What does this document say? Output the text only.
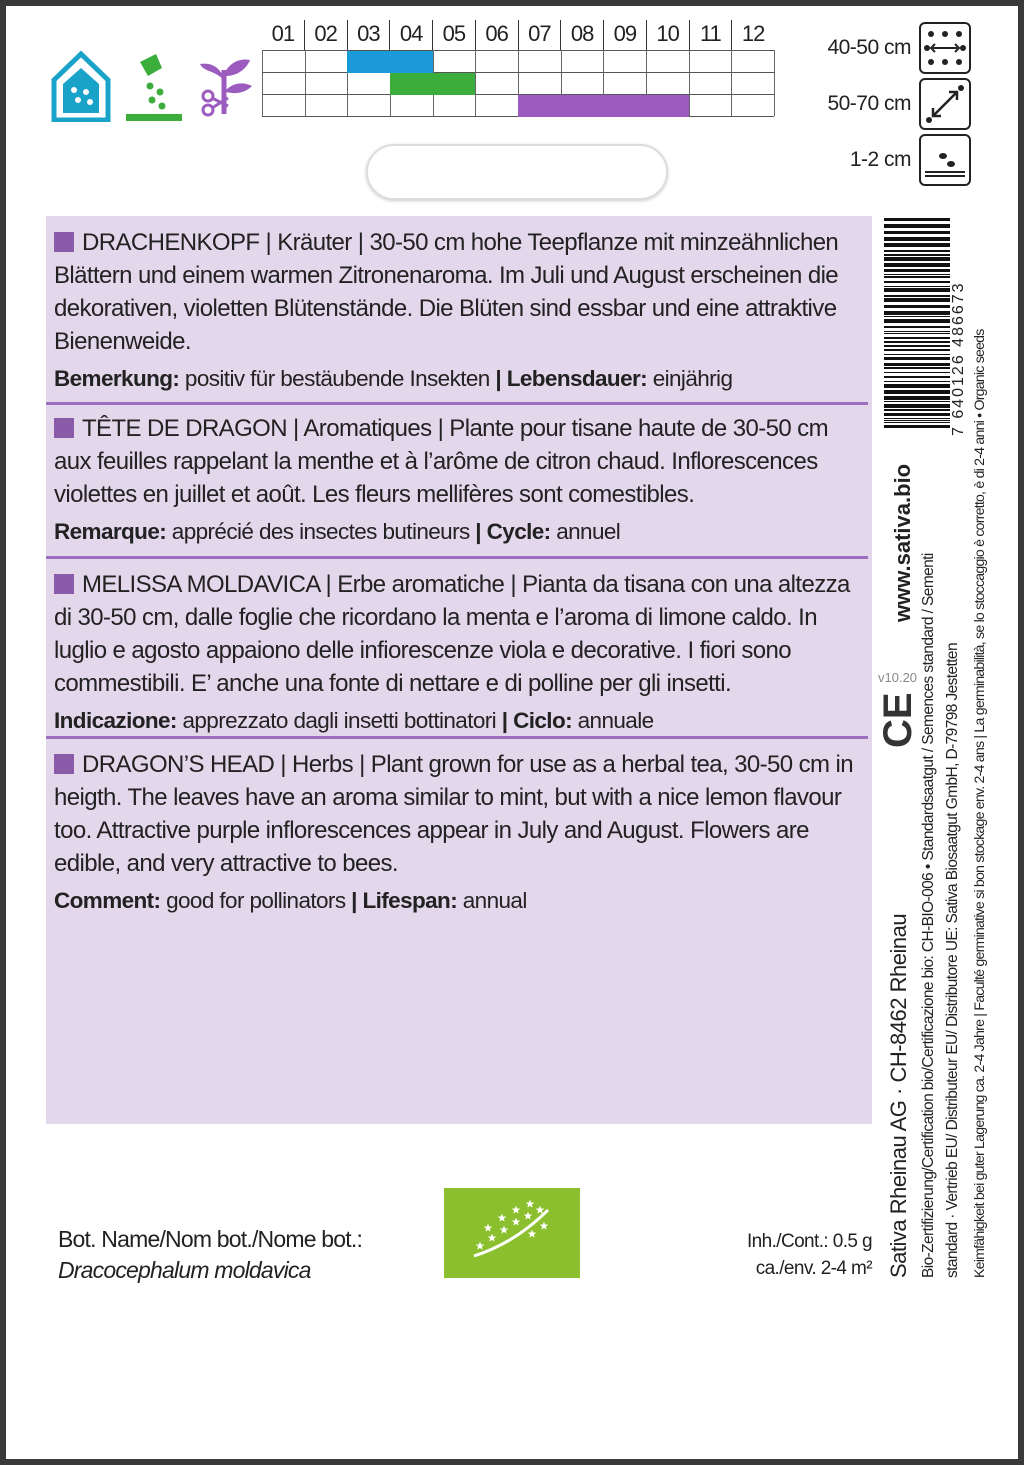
01 02 03 04 05 06 07 08 09 10 11 12
40-50 cm
50-70 cm
1-2 cm

DRACHENKOPF | Kräuter | 30-50 cm hohe Teepflanze mit minzeähnlichen Blättern und einem warmen Zitronenaroma. Im Juli und August erscheinen die dekorativen, violetten Blütenstände. Die Blüten sind essbar und eine attraktive Bienenweide.

Bemerkung: positiv für bestäubende Insekten | Lebensdauer: einjährig

TÊTE DE DRAGON | Aromatiques | Plante pour tisane haute de 30-50 cm aux feuilles rappelant la menthe et à l’arôme de citron chaud. Inflorescences violettes en juillet et août. Les fleurs mellifères sont comestibles.

Remarque: apprécié des insectes butineurs | Cycle: annuel

MELISSA MOLDAVICA | Erbe aromatiche | Pianta da tisana con una altezza di 30-50 cm, dalle foglie che ricordano la menta e l’aroma di limone caldo. In luglio e agosto appaiono delle infiorescenze viola e decorative. I fiori sono commestibili. E’ anche una fonte di nettare e di polline per gli insetti.

Indicazione: apprezzato dagli insetti bottinatori | Ciclo: annuale

DRAGON’S HEAD | Herbs | Plant grown for use as a herbal tea, 30-50 cm in heigth. The leaves have an aroma similar to mint, but with a nice lemon flavour too. Attractive purple inflorescences appear in July and August. Flowers are edible, and very attractive to bees.

Comment: good for pollinators | Lifespan: annual

7 640126 486673
www.sativa.bio
v10.20
CE
Sativa Rheinau AG · CH-8462 Rheinau Bio-Zertifizierung/Certification bio/Certificazione bio: CH-BIO-006 • Standardsaatgut / Semences standard / Sementi standard · Vertrieb EU/ Distributeur EU/ Distributore UE: Sativa Biosaatgut GmbH, D-79798 Jestetten Keimfähigkeit bei guter Lagerung ca. 2-4 Jahre | Faculté germinative si bon stockage env. 2-4 ans | La germinabilità, se lo stoccaggio è corretto, è di 2-4 anni • Organic seeds
Bot. Name/Nom bot./Nome bot.:
Dracocephalum moldavica
Inh./Cont.: 0.5 g
ca./env. 2-4 m²
